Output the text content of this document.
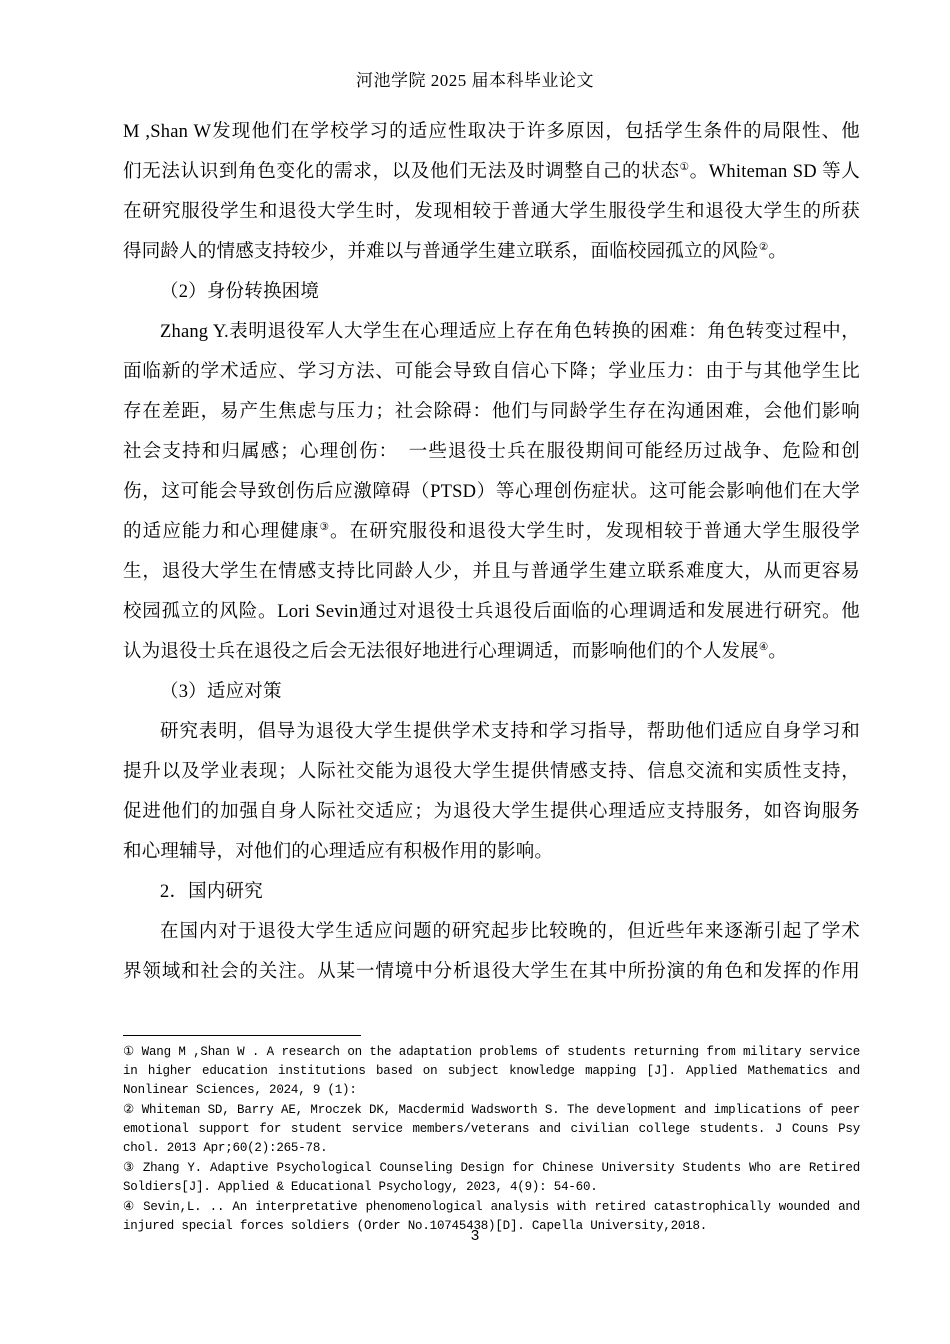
河池学院 2025 届本科毕业论文
M ,Shan W发现他们在学校学习的适应性取决于许多原因，包括学生条件的局限性、他
们无法认识到角色变化的需求，以及他们无法及时调整自己的状态①。Whiteman SD 等人
在研究服役学生和退役大学生时，发现相较于普通大学生服役学生和退役大学生的所获
得同龄人的情感支持较少，并难以与普通学生建立联系，面临校园孤立的风险②。
（2）身份转换困境
Zhang Y.表明退役军人大学生在心理适应上存在角色转换的困难：角色转变过程中，
面临新的学术适应、学习方法、可能会导致自信心下降；学业压力：由于与其他学生比
存在差距，易产生焦虑与压力；社会除碍：他们与同龄学生存在沟通困难，会他们影响
社会支持和归属感；心理创伤：　一些退役士兵在服役期间可能经历过战争、危险和创
伤，这可能会导致创伤后应激障碍（PTSD）等心理创伤症状。这可能会影响他们在大学
的适应能力和心理健康③。在研究服役和退役大学生时，发现相较于普通大学生服役学
生，退役大学生在情感支持比同龄人少，并且与普通学生建立联系难度大，从而更容易
校园孤立的风险。Lori Sevin通过对退役士兵退役后面临的心理调适和发展进行研究。他
认为退役士兵在退役之后会无法很好地进行心理调适，而影响他们的个人发展④。
（3）适应对策
研究表明，倡导为退役大学生提供学术支持和学习指导，帮助他们适应自身学习和
提升以及学业表现；人际社交能为退役大学生提供情感支持、信息交流和实质性支持，
促进他们的加强自身人际社交适应；为退役大学生提供心理适应支持服务，如咨询服务
和心理辅导，对他们的心理适应有积极作用的影响。
2．国内研究
在国内对于退役大学生适应问题的研究起步比较晚的，但近些年来逐渐引起了学术
界领域和社会的关注。从某一情境中分析退役大学生在其中所扮演的角色和发挥的作用
① Wang M ,Shan W . A research on the adaptation problems of students returning from military service in higher education institutions based on subject knowledge mapping [J]. Applied Mathematics and Nonlinear Sciences, 2024, 9 (1):
② Whiteman SD, Barry AE, Mroczek DK, Macdermid Wadsworth S. The development and implications of peer emotional support for student service members/veterans and civilian college students. J Couns Psy chol. 2013 Apr;60(2):265-78.
③ Zhang Y. Adaptive Psychological Counseling Design for Chinese University Students Who are Retired Soldiers[J]. Applied & Educational Psychology, 2023, 4(9): 54-60.
④ Sevin,L. .. An interpretative phenomenological analysis with retired catastrophically wounded and injured special forces soldiers (Order No.10745438)[D]. Capella University,2018.
3
